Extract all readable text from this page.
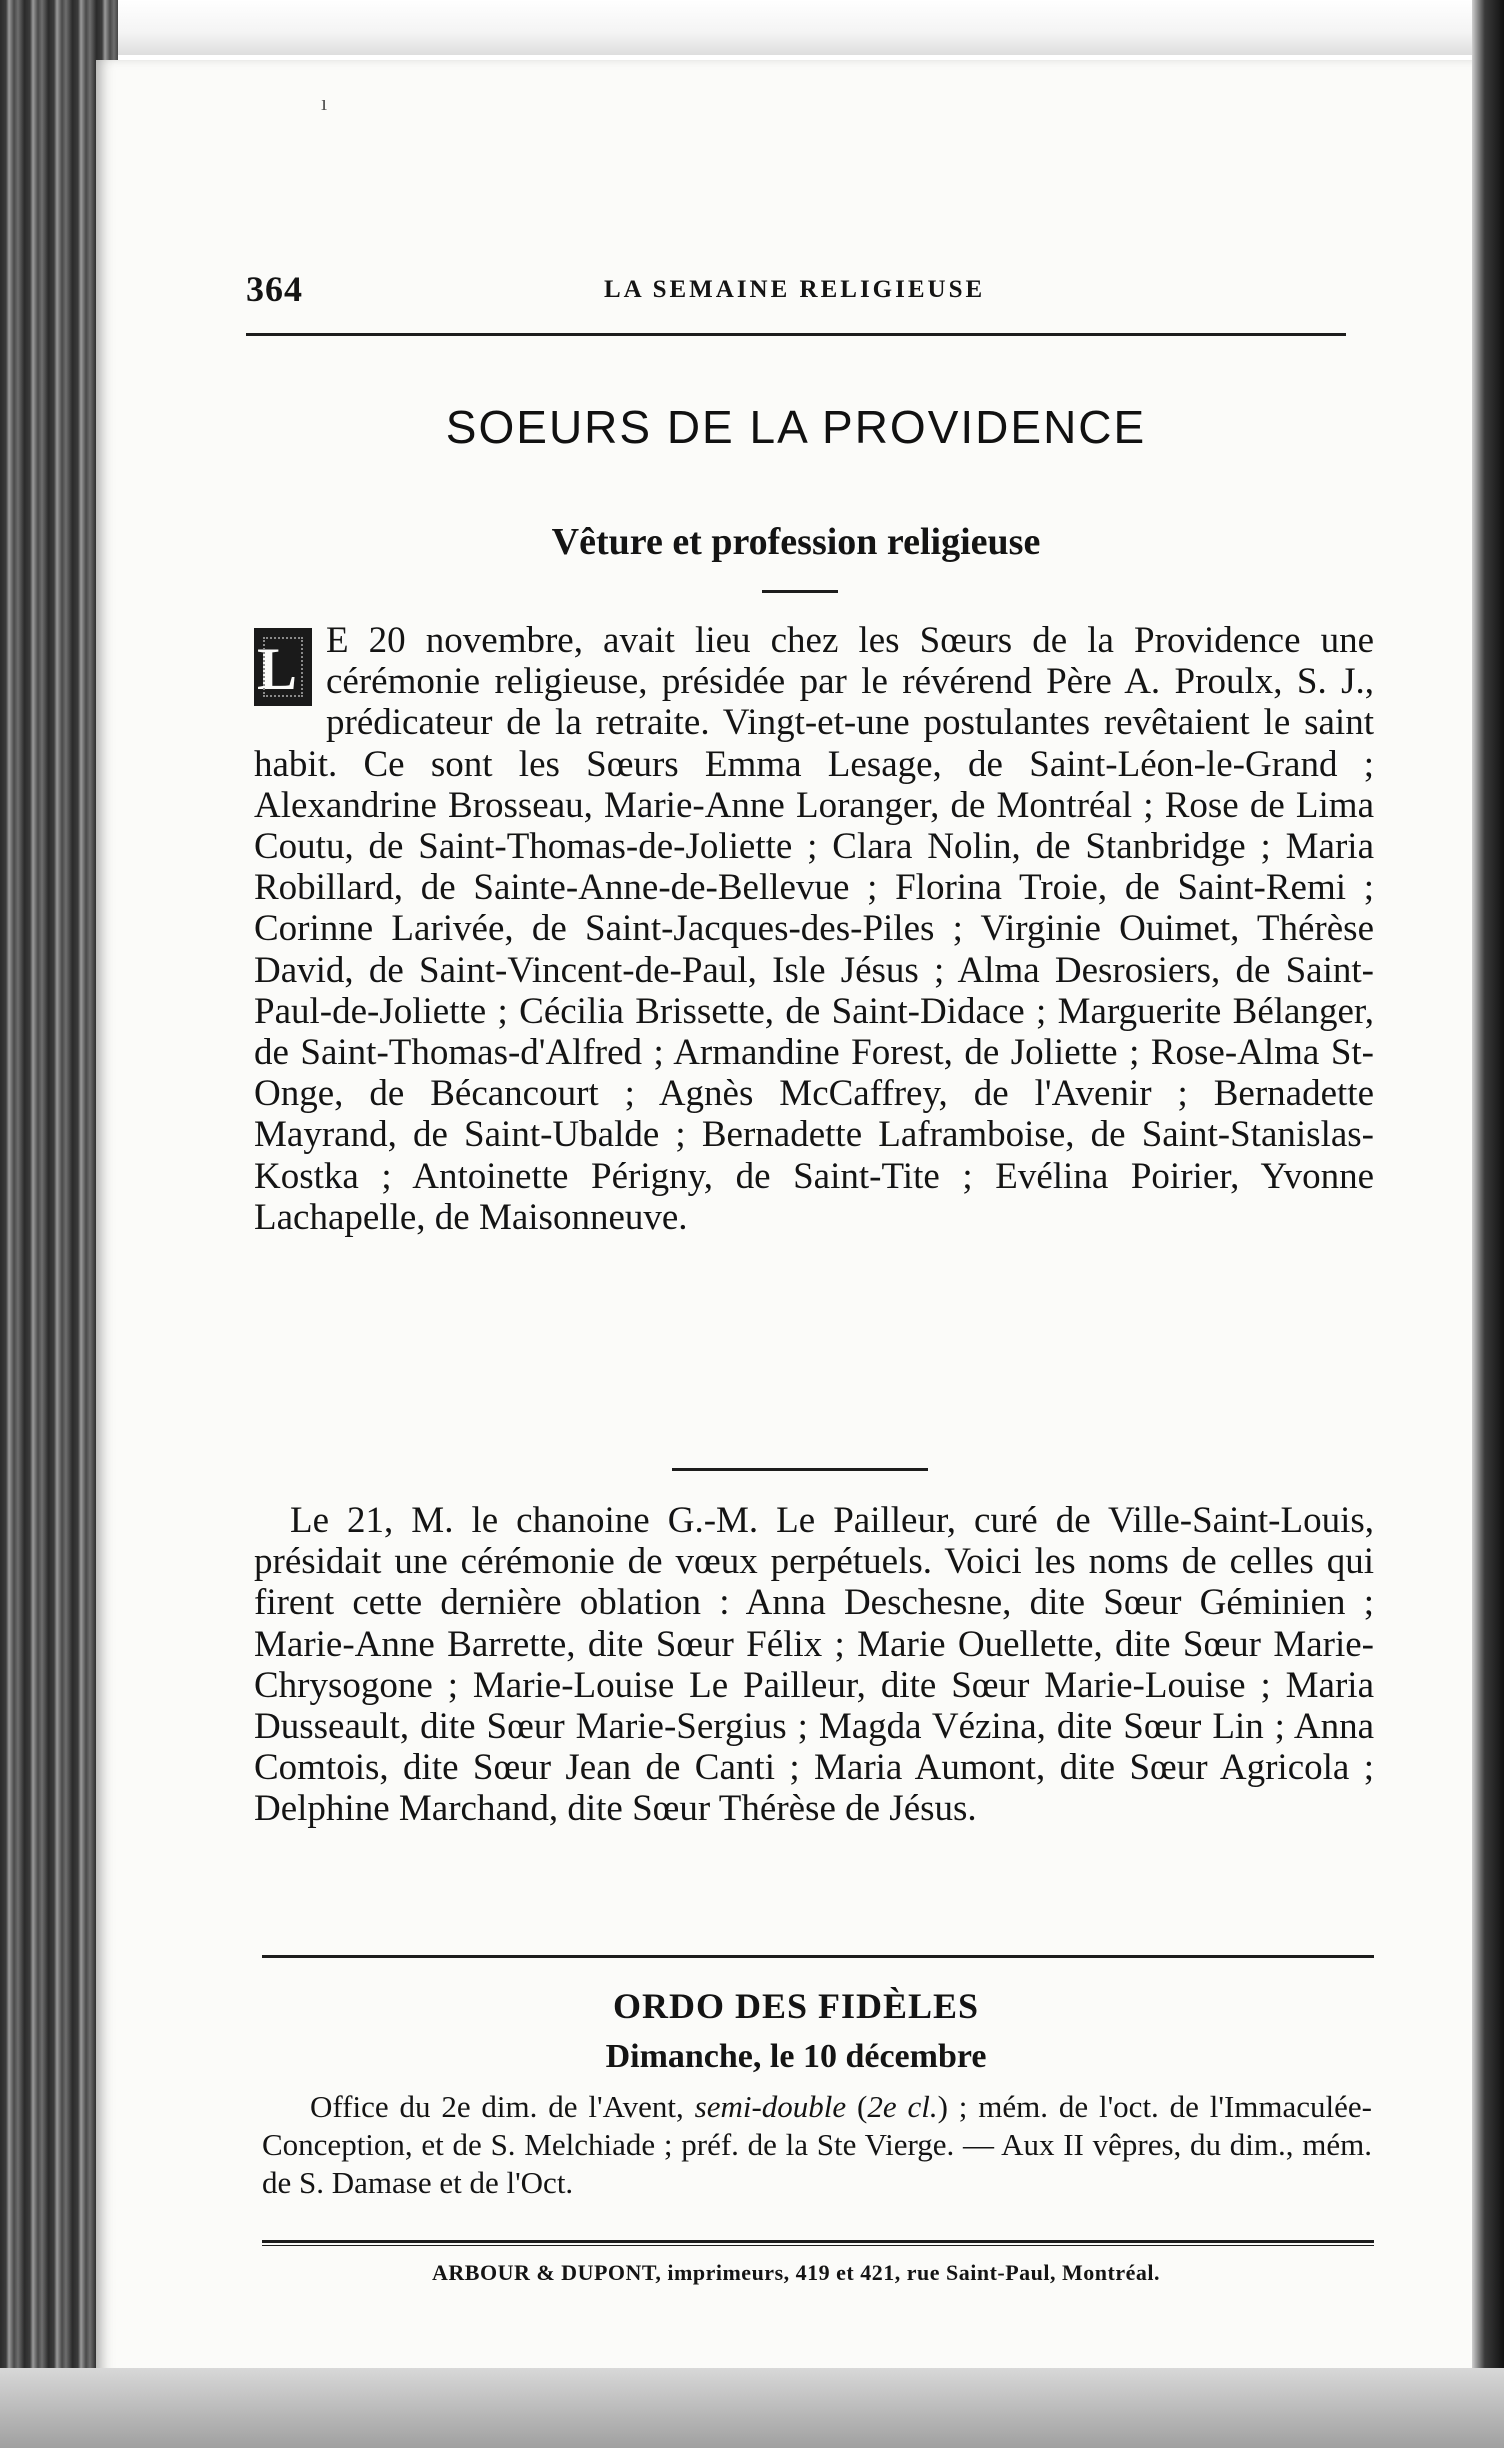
ı
364	LA SEMAINE RELIGIEUSE
SOEURS DE LA PROVIDENCE
Vêture et profession religieuse

L E 20 novembre, avait lieu chez les Sœurs de la Providence une cérémonie religieuse, présidée par le révérend Père A. Proulx, S. J., prédicateur de la retraite. Vingt-et-une postulantes revêtaient le saint habit. Ce sont les Sœurs Emma Lesage, de Saint-Léon-le-Grand ; Alexandrine Brosseau, Marie-Anne Loranger, de Montréal ; Rose de Lima Coutu, de Saint-Thomas-de-Joliette ; Clara Nolin, de Stanbridge ; Maria Robillard, de Sainte-Anne-de-Bellevue ; Florina Troie, de Saint-Remi ; Corinne Larivée, de Saint-Jacques-des-Piles ; Virginie Ouimet, Thérèse David, de Saint-Vincent-de-Paul, Isle Jésus ; Alma Desrosiers, de Saint-Paul-de-Joliette ; Cécilia Brissette, de Saint-Didace ; Marguerite Bélanger, de Saint-Thomas-d'Alfred ; Armandine Forest, de Joliette ; Rose-Alma St-Onge, de Bécancourt ; Agnès McCaffrey, de l'Avenir ; Bernadette Mayrand, de Saint-Ubalde ; Bernadette Laframboise, de Saint-Stanislas-Kostka ; Antoinette Périgny, de Saint-Tite ; Evélina Poirier, Yvonne Lachapelle, de Maisonneuve.

Le 21, M. le chanoine G.-M. Le Pailleur, curé de Ville-Saint-Louis, présidait une cérémonie de vœux perpétuels. Voici les noms de celles qui firent cette dernière oblation : Anna Deschesne, dite Sœur Géminien ; Marie-Anne Barrette, dite Sœur Félix ; Marie Ouellette, dite Sœur Marie-Chrysogone ; Marie-Louise Le Pailleur, dite Sœur Marie-Louise ; Maria Dusseault, dite Sœur Marie-Sergius ; Magda Vézina, dite Sœur Lin ; Anna Comtois, dite Sœur Jean de Canti ; Maria Aumont, dite Sœur Agricola ; Delphine Marchand, dite Sœur Thérèse de Jésus.

ORDO DES FIDÈLES
Dimanche, le 10 décembre

Office du 2e dim. de l'Avent, semi-double (2e cl.) ; mém. de l'oct. de l'Immaculée-Conception, et de S. Melchiade ; préf. de la Ste Vierge. — Aux II vêpres, du dim., mém. de S. Damase et de l'Oct.

ARBOUR & DUPONT, imprimeurs, 419 et 421, rue Saint-Paul, Montréal.
